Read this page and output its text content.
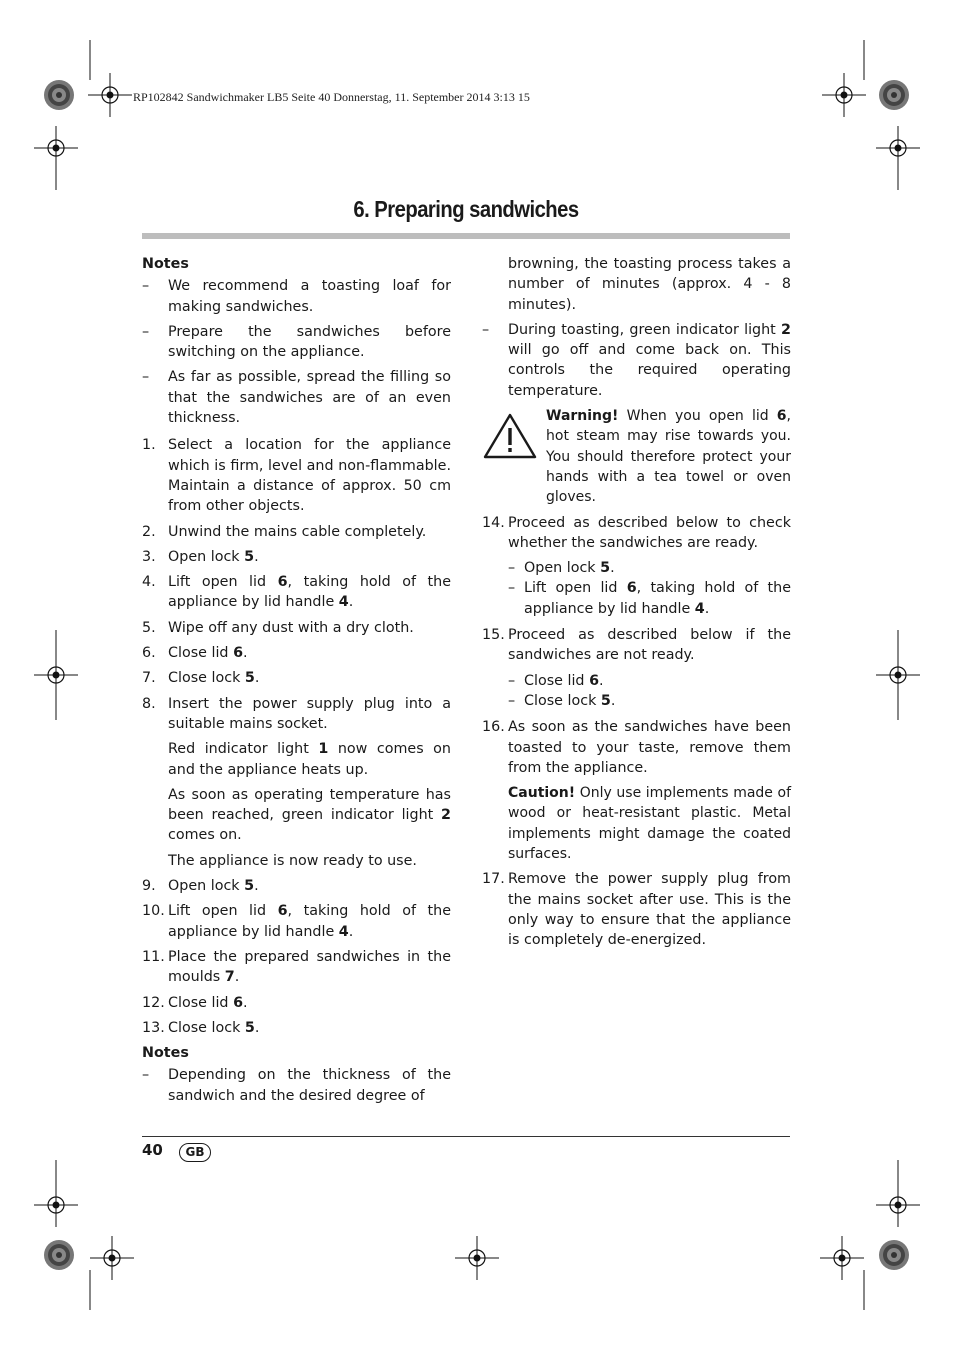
RP102842 Sandwichmaker LB5 Seite 40 Donnerstag, 11. September 2014 3:13 15
6. Preparing sandwiches
Notes
–	We recommend a toasting loaf for making sandwiches.
–	Prepare the sandwiches before switching on the appliance.
–	As far as possible, spread the filling so that the sandwiches are of an even thickness.
1. Select a location for the appliance which is firm, level and non-flammable. Maintain a distance of approx. 50 cm from other objects.
2. Unwind the mains cable completely.
3. Open lock 5.
4. Lift open lid 6, taking hold of the appliance by lid handle 4.
5. Wipe off any dust with a dry cloth.
6. Close lid 6.
7. Close lock 5.
8. Insert the power supply plug into a suitable mains socket.
Red indicator light 1 now comes on and the appliance heats up.
As soon as operating temperature has been reached, green indicator light 2 comes on.
The appliance is now ready to use.
9. Open lock 5.
10. Lift open lid 6, taking hold of the appliance by lid handle 4.
11. Place the prepared sandwiches in the moulds 7.
12. Close lid 6.
13. Close lock 5.
Notes
–	Depending on the thickness of the sandwich and the desired degree of
browning, the toasting process takes a number of minutes (approx. 4 - 8 minutes).
–	During toasting, green indicator light 2 will go off and come back on. This controls the required operating temperature.
Warning! When you open lid 6, hot steam may rise towards you. You should therefore protect your hands with a tea towel or oven gloves.
14. Proceed as described below to check whether the sandwiches are ready.
– Open lock 5.
– Lift open lid 6, taking hold of the appliance by lid handle 4.
15. Proceed as described below if the sandwiches are not ready.
– Close lid 6.
– Close lock 5.
16. As soon as the sandwiches have been toasted to your taste, remove them from the appliance.
Caution! Only use implements made of wood or heat-resistant plastic. Metal implements might damage the coated surfaces.
17. Remove the power supply plug from the mains socket after use. This is the only way to ensure that the appliance is completely de-energized.
40	GB
